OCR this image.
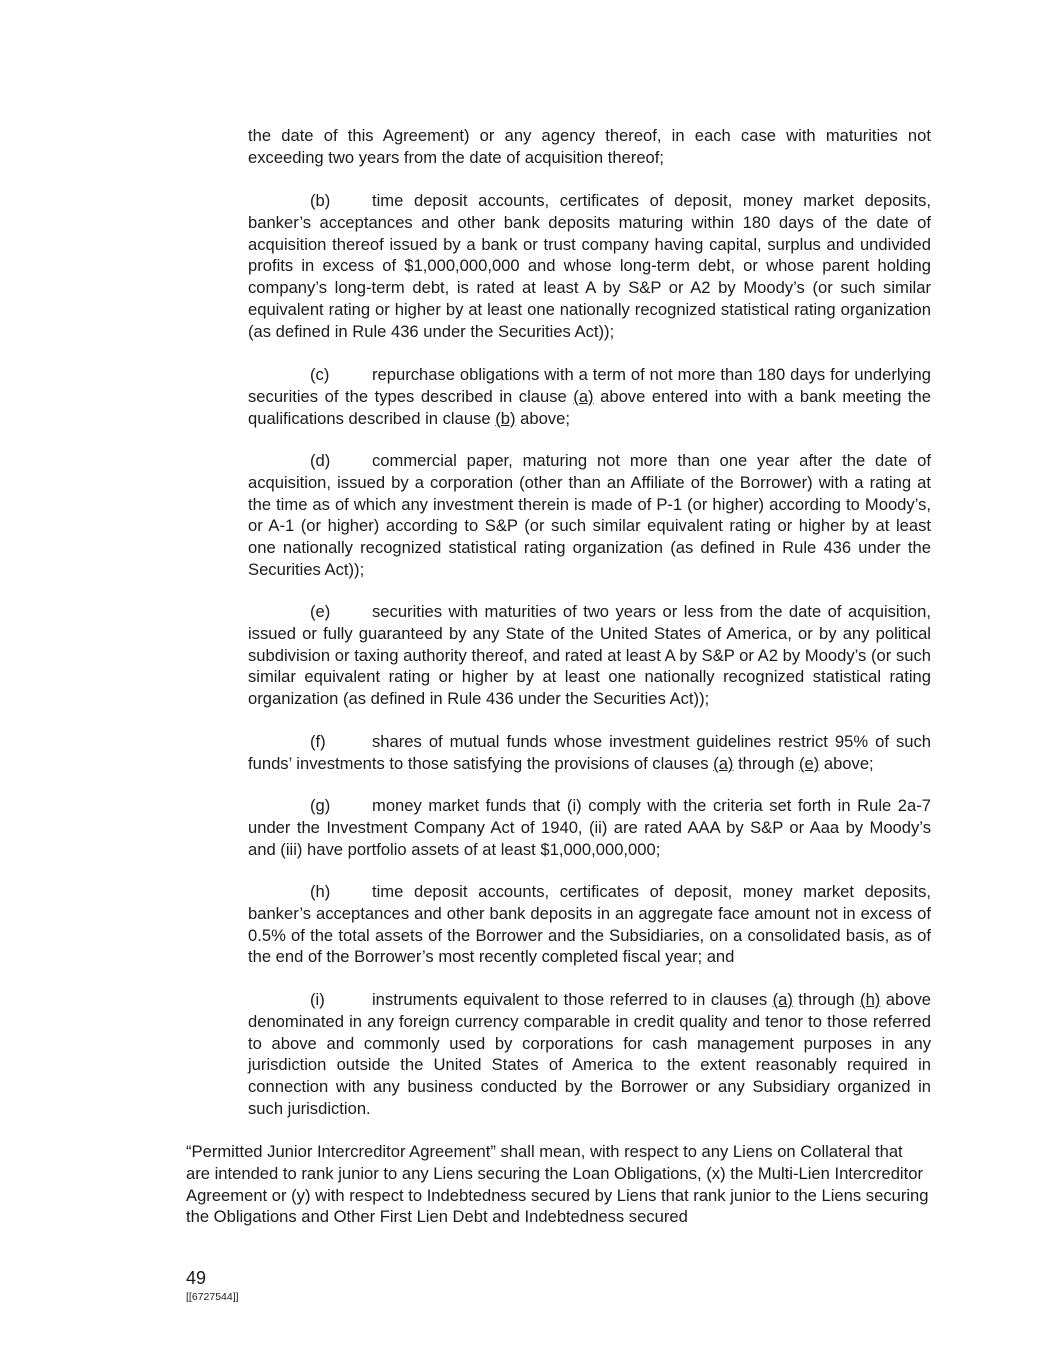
the date of this Agreement) or any agency thereof, in each case with maturities not exceeding two years from the date of acquisition thereof;

(b)	time deposit accounts, certificates of deposit, money market deposits, banker’s acceptances and other bank deposits maturing within 180 days of the date of acquisition thereof issued by a bank or trust company having capital, surplus and undivided profits in excess of $1,000,000,000 and whose long-term debt, or whose parent holding company’s long-term debt, is rated at least A by S&P or A2 by Moody’s (or such similar equivalent rating or higher by at least one nationally recognized statistical rating organization (as defined in Rule 436 under the Securities Act));

(c)	repurchase obligations with a term of not more than 180 days for underlying securities of the types described in clause (a) above entered into with a bank meeting the qualifications described in clause (b) above;

(d)	commercial paper, maturing not more than one year after the date of acquisition, issued by a corporation (other than an Affiliate of the Borrower) with a rating at the time as of which any investment therein is made of P-1 (or higher) according to Moody’s, or A-1 (or higher) according to S&P (or such similar equivalent rating or higher by at least one nationally recognized statistical rating organization (as defined in Rule 436 under the Securities Act));

(e)	securities with maturities of two years or less from the date of acquisition, issued or fully guaranteed by any State of the United States of America, or by any political subdivision or taxing authority thereof, and rated at least A by S&P or A2 by Moody’s (or such similar equivalent rating or higher by at least one nationally recognized statistical rating organization (as defined in Rule 436 under the Securities Act));

(f)	shares of mutual funds whose investment guidelines restrict 95% of such funds’ investments to those satisfying the provisions of clauses (a) through (e) above;

(g)	money market funds that (i) comply with the criteria set forth in Rule 2a-7 under the Investment Company Act of 1940, (ii) are rated AAA by S&P or Aaa by Moody’s and (iii) have portfolio assets of at least $1,000,000,000;

(h)	time deposit accounts, certificates of deposit, money market deposits, banker’s acceptances and other bank deposits in an aggregate face amount not in excess of 0.5% of the total assets of the Borrower and the Subsidiaries, on a consolidated basis, as of the end of the Borrower’s most recently completed fiscal year; and

(i)	instruments equivalent to those referred to in clauses (a) through (h) above denominated in any foreign currency comparable in credit quality and tenor to those referred to above and commonly used by corporations for cash management purposes in any jurisdiction outside the United States of America to the extent reasonably required in connection with any business conducted by the Borrower or any Subsidiary organized in such jurisdiction.

“Permitted Junior Intercreditor Agreement” shall mean, with respect to any Liens on Collateral that are intended to rank junior to any Liens securing the Loan Obligations, (x) the Multi-Lien Intercreditor Agreement or (y) with respect to Indebtedness secured by Liens that rank junior to the Liens securing the Obligations and Other First Lien Debt and Indebtedness secured

49
[[6727544]]
